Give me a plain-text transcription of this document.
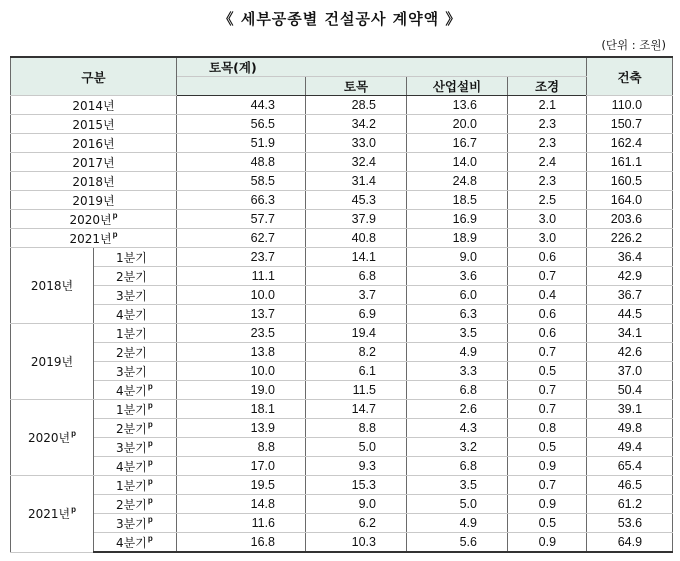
《 세부공종별 건설공사 계약액 》
(단위 : 조원)
구분		토목(계)				건축
			토목	산업설비	조경	
2014년		44.3	28.5	13.6	2.1	110.0
2015년		56.5	34.2	20.0	2.3	150.7
2016년		51.9	33.0	16.7	2.3	162.4
2017년		48.8	32.4	14.0	2.4	161.1
2018년		58.5	31.4	24.8	2.3	160.5
2019년		66.3	45.3	18.5	2.5	164.0
2020년$^p$		57.7	37.9	16.9	3.0	203.6
2021년$^p$		62.7	40.8	18.9	3.0	226.2
2018년	1분기	23.7	14.1	9.0	0.6	36.4
	2분기	11.1	6.8	3.6	0.7	42.9
	3분기	10.0	3.7	6.0	0.4	36.7
	4분기	13.7	6.9	6.3	0.6	44.5
2019년	1분기	23.5	19.4	3.5	0.6	34.1
	2분기	13.8	8.2	4.9	0.7	42.6
	3분기	10.0	6.1	3.3	0.5	37.0
	4분기$^p$	19.0	11.5	6.8	0.7	50.4
2020년$^p$	1분기$^p$	18.1	14.7	2.6	0.7	39.1
	2분기$^p$	13.9	8.8	4.3	0.8	49.8
	3분기$^p$	8.8	5.0	3.2	0.5	49.4
	4분기$^p$	17.0	9.3	6.8	0.9	65.4
2021년$^p$	1분기$^p$	19.5	15.3	3.5	0.7	46.5
	2분기$^p$	14.8	9.0	5.0	0.9	61.2
	3분기$^p$	11.6	6.2	4.9	0.5	53.6
	4분기$^p$	16.8	10.3	5.6	0.9	64.9
